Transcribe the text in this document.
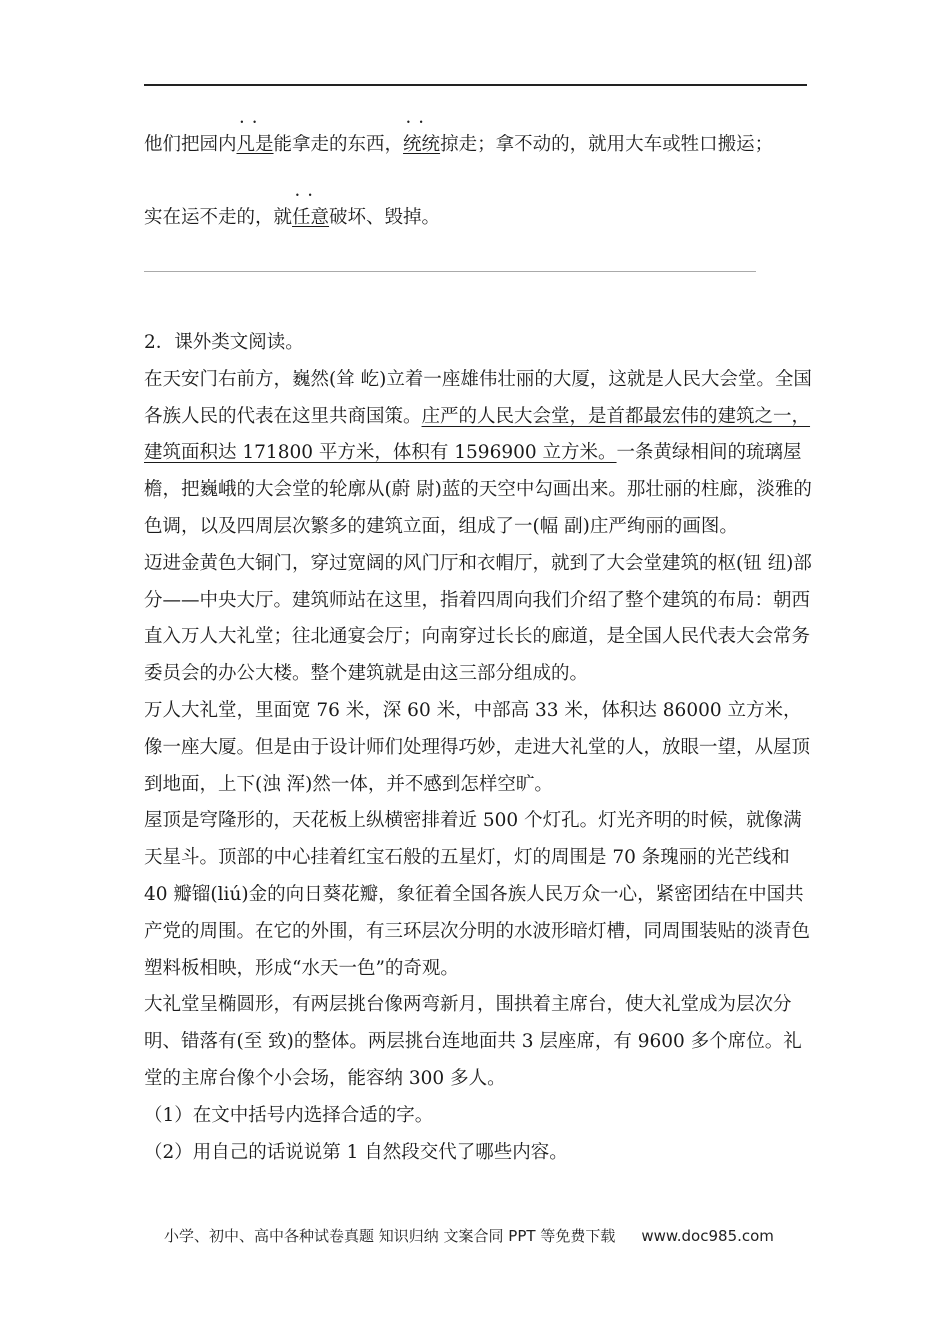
他们把园内• • 凡是能拿走的东西，• • 统统掠走；拿不动的，就用大车或牲口搬运；
实在运不走的，就• • 任意破坏、毁掉。

2．课外类文阅读。

在天安门右前方，巍然(耸 屹)立着一座雄伟壮丽的大厦，这就是人民大会堂。全国各族人民的代表在这里共商国策。庄严的人民大会堂，是首都最宏伟的建筑之一，建筑面积达 171800 平方米，体积有 1596900 立方米。一条黄绿相间的琉璃屋檐，把巍峨的大会堂的轮廓从(蔚 尉)蓝的天空中勾画出来。那壮丽的柱廊，淡雅的色调，以及四周层次繁多的建筑立面，组成了一(幅 副)庄严绚丽的画图。

迈进金黄色大铜门，穿过宽阔的风门厅和衣帽厅，就到了大会堂建筑的枢(钮 纽)部分——中央大厅。建筑师站在这里，指着四周向我们介绍了整个建筑的布局：朝西直入万人大礼堂；往北通宴会厅；向南穿过长长的廊道，是全国人民代表大会常务委员会的办公大楼。整个建筑就是由这三部分组成的。

万人大礼堂，里面宽 76 米，深 60 米，中部高 33 米，体积达 86000 立方米，像一座大厦。但是由于设计师们处理得巧妙，走进大礼堂的人，放眼一望，从屋顶到地面，上下(浊 浑)然一体，并不感到怎样空旷。

屋顶是穹隆形的，天花板上纵横密排着近 500 个灯孔。灯光齐明的时候，就像满天星斗。顶部的中心挂着红宝石般的五星灯，灯的周围是 70 条瑰丽的光芒线和 40 瓣镏(liú)金的向日葵花瓣，象征着全国各族人民万众一心，紧密团结在中国共产党的周围。在它的外围，有三环层次分明的水波形暗灯槽，同周围装贴的淡青色塑料板相映，形成“水天一色”的奇观。

大礼堂呈椭圆形，有两层挑台像两弯新月，围拱着主席台，使大礼堂成为层次分明、错落有(至 致)的整体。两层挑台连地面共 3 层座席，有 9600 多个席位。礼堂的主席台像个小会场，能容纳 300 多人。

（1）在文中括号内选择合适的字。

（2）用自己的话说说第 1 自然段交代了哪些内容。

小学、初中、高中各种试卷真题 知识归纳 文案合同 PPT 等免费下载 www.doc985.com
